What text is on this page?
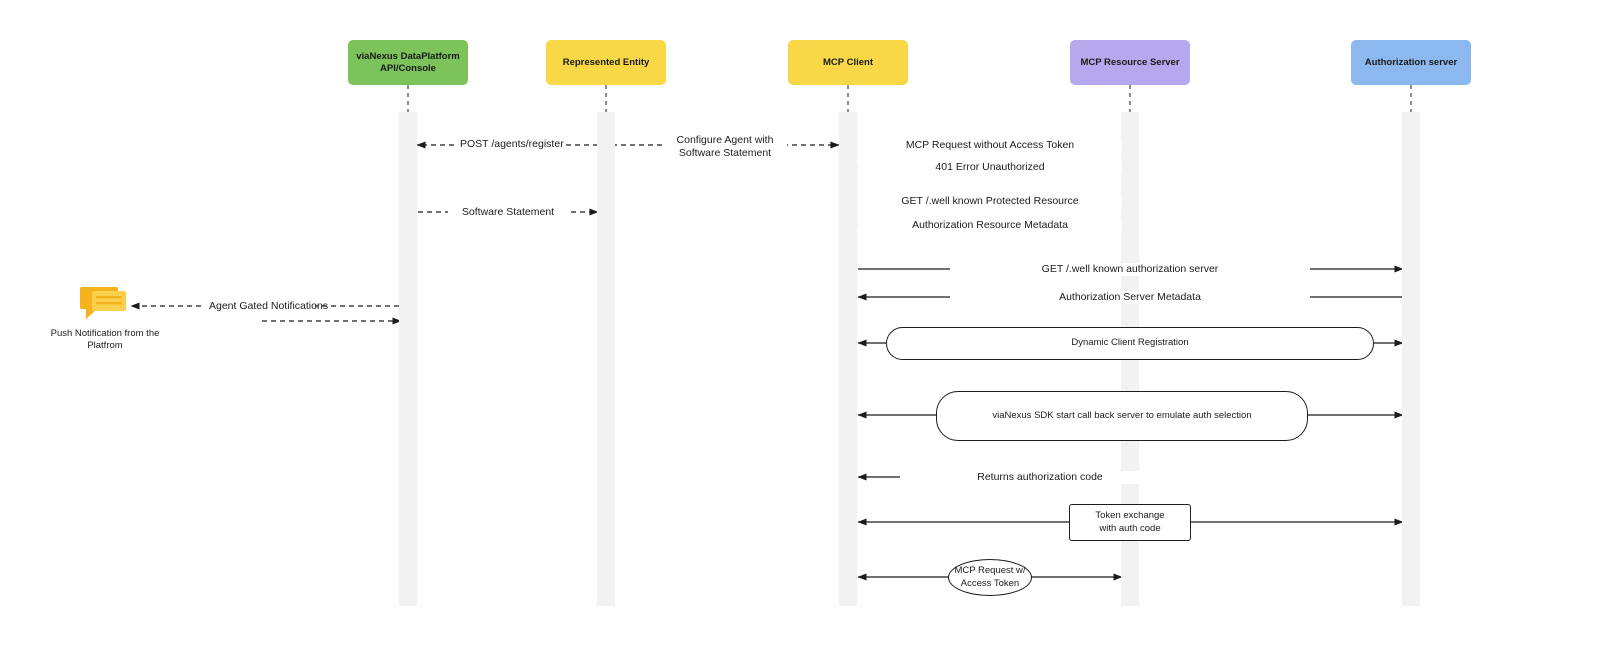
viaNexus DataPlatform
API/Console
Represented Entity	MCP Client	MCP Resource Server	Authorization server
POST /agents/register	Configure Agent with
Software Statement
MCP Request without Access Token
401 Error Unauthorized
GET /.well known Protected Resource
Authorization Resource Metadata
Software Statement
GET /.well known authorization server
Authorization Server Metadata
Returns authorization code
Dynamic Client Registration
viaNexus SDK start call back server to emulate auth selection
Token exchange
with auth code
MCP Request w/
Access Token
Push Notification from the
Platfrom
Agent Gated Notifications
